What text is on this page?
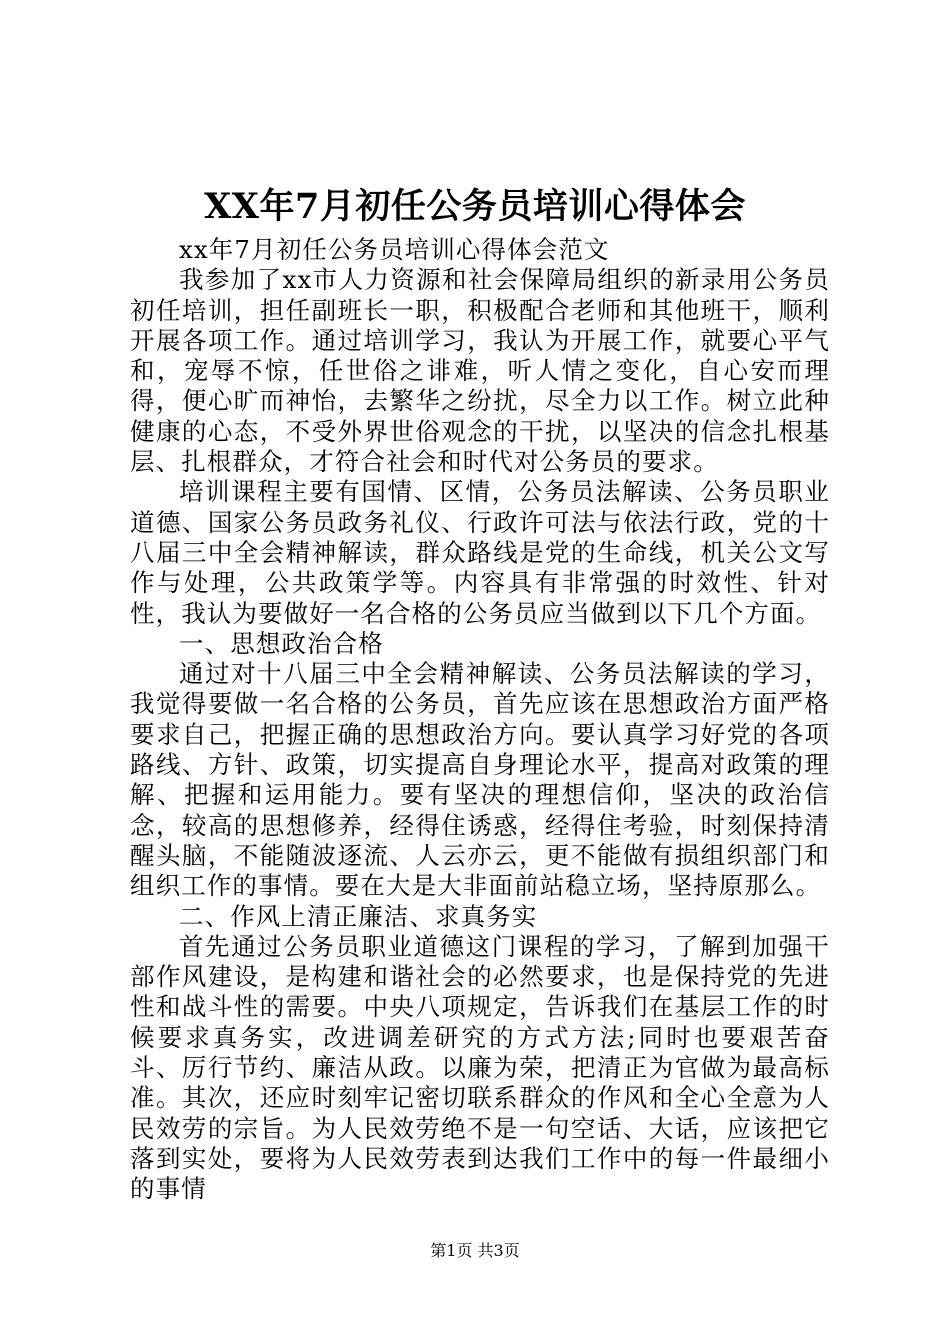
XX年7月初任公务员培训心得体会

xx年7月初任公务员培训心得体会范文

我参加了xx市人力资源和社会保障局组织的新录用公务员初任培训，担任副班长一职，积极配合老师和其他班干，顺利开展各项工作。通过培训学习，我认为开展工作，就要心平气和，宠辱不惊，任世俗之诽难，听人情之变化，自心安而理得，便心旷而神怡，去繁华之纷扰，尽全力以工作。树立此种健康的心态，不受外界世俗观念的干扰，以坚决的信念扎根基层、扎根群众，才符合社会和时代对公务员的要求。

培训课程主要有国情、区情，公务员法解读、公务员职业道德、国家公务员政务礼仪、行政许可法与依法行政，党的十八届三中全会精神解读，群众路线是党的生命线，机关公文写作与处理，公共政策学等。内容具有非常强的时效性、针对性，我认为要做好一名合格的公务员应当做到以下几个方面。

一、思想政治合格

通过对十八届三中全会精神解读、公务员法解读的学习，我觉得要做一名合格的公务员，首先应该在思想政治方面严格要求自己，把握正确的思想政治方向。要认真学习好党的各项路线、方针、政策，切实提高自身理论水平，提高对政策的理解、把握和运用能力。要有坚决的理想信仰，坚决的政治信念，较高的思想修养，经得住诱惑，经得住考验，时刻保持清醒头脑，不能随波逐流、人云亦云，更不能做有损组织部门和组织工作的事情。要在大是大非面前站稳立场，坚持原那么。

二、作风上清正廉洁、求真务实

首先通过公务员职业道德这门课程的学习，了解到加强干部作风建设，是构建和谐社会的必然要求，也是保持党的先进性和战斗性的需要。中央八项规定，告诉我们在基层工作的时候要求真务实，改进调差研究的方式方法;同时也要艰苦奋斗、厉行节约、廉洁从政。以廉为荣，把清正为官做为最高标准。其次，还应时刻牢记密切联系群众的作风和全心全意为人民效劳的宗旨。为人民效劳绝不是一句空话、大话，应该把它落到实处，要将为人民效劳表到达我们工作中的每一件最细小的事情

第1页 共3页
